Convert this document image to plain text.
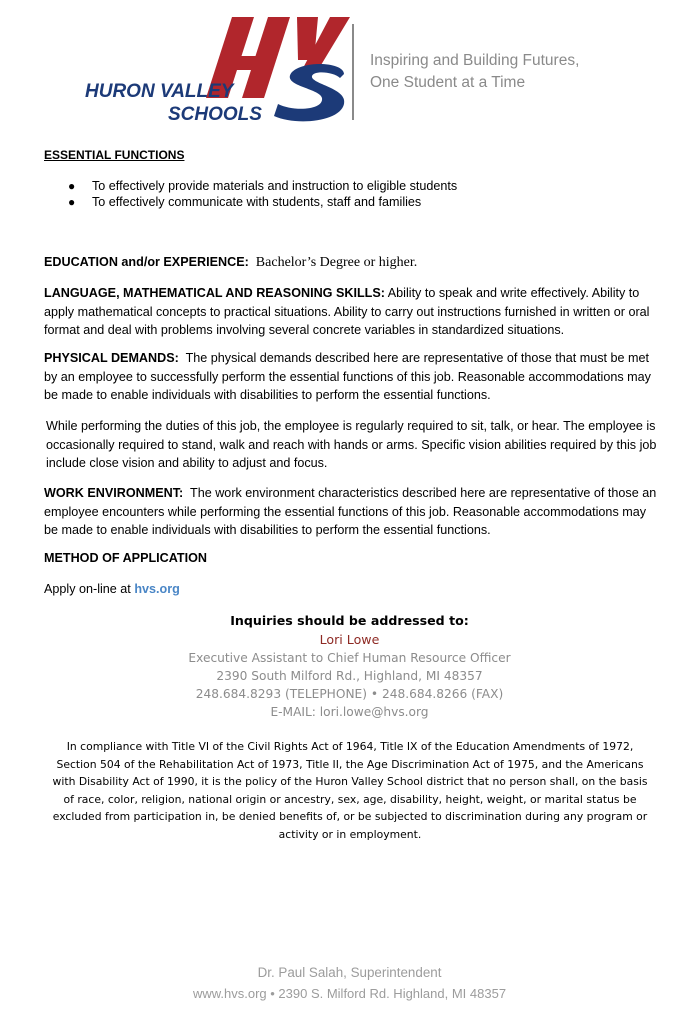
HURON VALLEY
SCHOOLS
Inspiring and Building Futures,
One Student at a Time
ESSENTIAL FUNCTIONS
● To effectively provide materials and instruction to eligible students
● To effectively communicate with students, staff and families
EDUCATION and/or EXPERIENCE: Bachelor’s Degree or higher.
LANGUAGE, MATHEMATICAL AND REASONING SKILLS: Ability to speak and write effectively. Ability to apply mathematical concepts to practical situations. Ability to carry out instructions furnished in written or oral format and deal with problems involving several concrete variables in standardized situations.
PHYSICAL DEMANDS: The physical demands described here are representative of those that must be met by an employee to successfully perform the essential functions of this job. Reasonable accommodations may be made to enable individuals with disabilities to perform the essential functions.
While performing the duties of this job, the employee is regularly required to sit, talk, or hear. The employee is occasionally required to stand, walk and reach with hands or arms. Specific vision abilities required by this job include close vision and ability to adjust and focus.
WORK ENVIRONMENT: The work environment characteristics described here are representative of those an employee encounters while performing the essential functions of this job. Reasonable accommodations may be made to enable individuals with disabilities to perform the essential functions.
METHOD OF APPLICATION
Apply on-line at hvs.org
Inquiries should be addressed to:
Lori Lowe
Executive Assistant to Chief Human Resource Officer
2390 South Milford Rd., Highland, MI 48357
248.684.8293 (TELEPHONE) • 248.684.8266 (FAX)
E-MAIL: lori.lowe@hvs.org
In compliance with Title VI of the Civil Rights Act of 1964, Title IX of the Education Amendments of 1972, Section 504 of the Rehabilitation Act of 1973, Title II, the Age Discrimination Act of 1975, and the Americans with Disability Act of 1990, it is the policy of the Huron Valley School district that no person shall, on the basis of race, color, religion, national origin or ancestry, sex, age, disability, height, weight, or marital status be excluded from participation in, be denied benefits of, or be subjected to discrimination during any program or activity or in employment.
Dr. Paul Salah, Superintendent
www.hvs.org • 2390 S. Milford Rd. Highland, MI 48357
